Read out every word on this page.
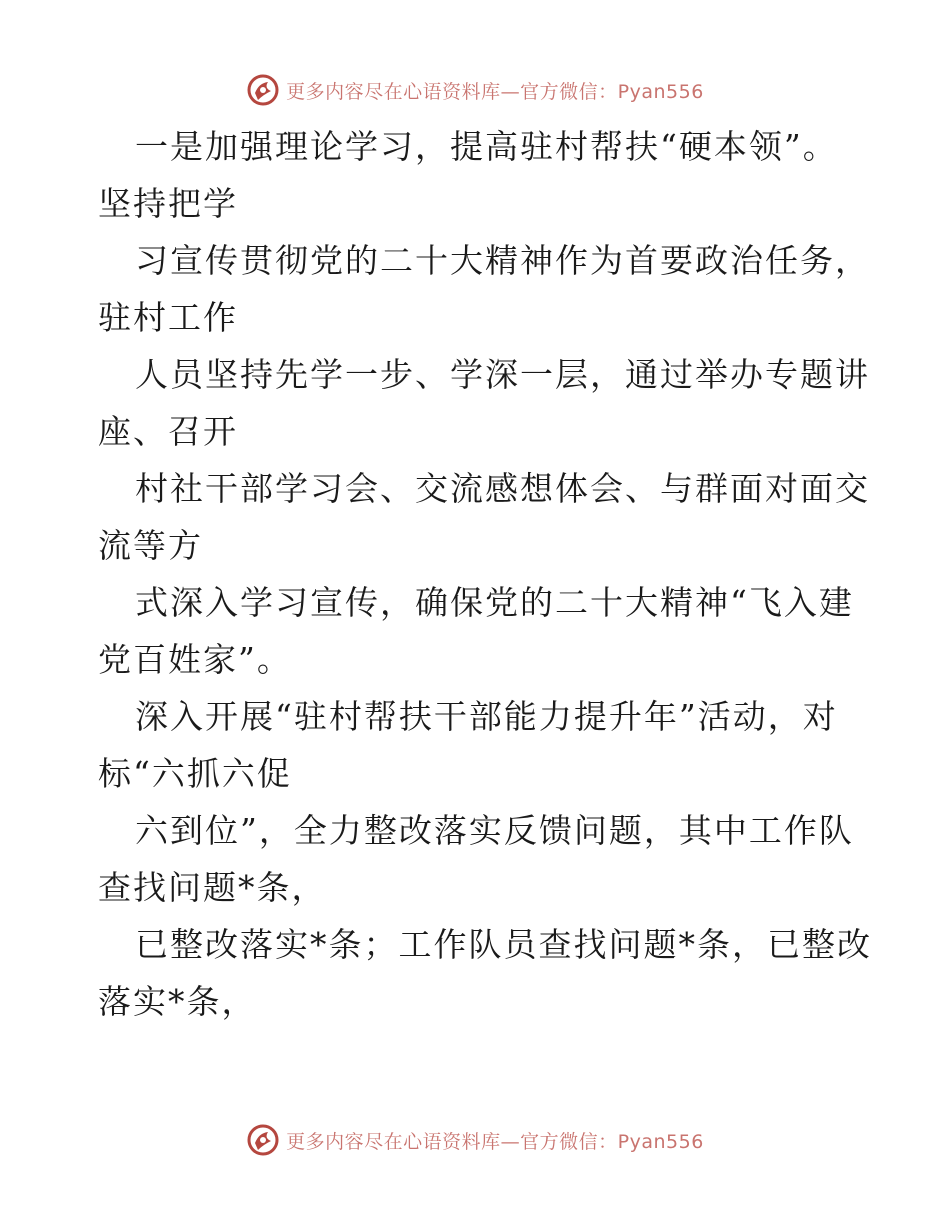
更多内容尽在心语资料库—官方微信：Pyan556
一是加强理论学习，提高驻村帮扶“硬本领”。
坚持把学
习宣传贯彻党的二十大精神作为首要政治任务，
驻村工作
人员坚持先学一步、学深一层，通过举办专题讲
座、召开
村社干部学习会、交流感想体会、与群面对面交
流等方
式深入学习宣传，确保党的二十大精神“飞入建
党百姓家”。
深入开展“驻村帮扶干部能力提升年”活动，对
标“六抓六促
六到位”，全力整改落实反馈问题，其中工作队
查找问题*条，
已整改落实*条；工作队员查找问题*条，已整改
落实*条，
更多内容尽在心语资料库—官方微信：Pyan556
